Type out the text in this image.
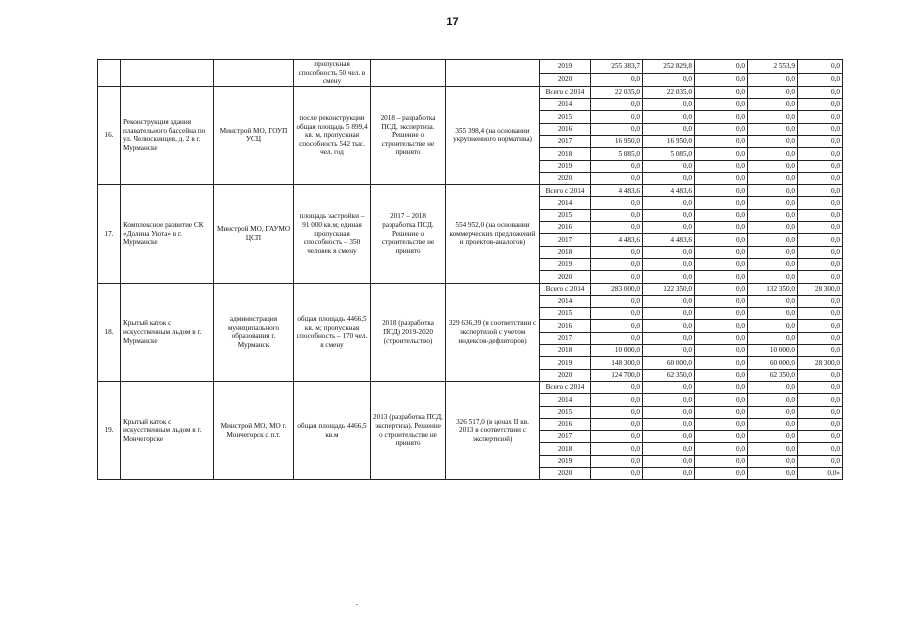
17
			пропускная способность 50 чел. в смену			2019	255 383,7	252 829,8	0,0	2 553,9	0,0
						2020	0,0	0,0	0,0	0,0	0,0
16.	Реконструкция здания плавательного бассейна по ул. Челюскинцев, д. 2 в г. Мурманске	Минстрой МО, ГОУП УСЦ	после реконструкции общая площадь 5 899,4 кв. м, пропускная способность 542 тыс. чел. год	2018 – разработка ПСД, экспертиза. Решение о строительстве не принято	355 398,4 (на основании укрупненного норматива)	Всего с 2014	22 035,0	22 035,0	0,0	0,0	0,0
						2014	0,0	0,0	0,0	0,0	0,0
						2015	0,0	0,0	0,0	0,0	0,0
						2016	0,0	0,0	0,0	0,0	0,0
						2017	16 950,0	16 950,0	0,0	0,0	0,0
						2018	5 085,0	5 085,0	0,0	0,0	0,0
						2019	0,0	0,0	0,0	0,0	0,0
						2020	0,0	0,0	0,0	0,0	0,0
17.	Комплексное развитие СК «Долина Уюта» в г. Мурманске	Минстрой МО, ГАУМО ЦСП	площадь застройки – 91 000 кв.м; единая пропускная способность – 350 человек в смену	2017 – 2018 разработка ПСД. Решение о строительстве не принято	554 952,0 (на основании коммерческих предложений и проектов-аналогов)	Всего с 2014	4 483,6	4 483,6	0,0	0,0	0,0
						2014	0,0	0,0	0,0	0,0	0,0
						2015	0,0	0,0	0,0	0,0	0,0
						2016	0,0	0,0	0,0	0,0	0,0
						2017	4 483,6	4 483,6	0,0	0,0	0,0
						2018	0,0	0,0	0,0	0,0	0,0
						2019	0,0	0,0	0,0	0,0	0,0
						2020	0,0	0,0	0,0	0,0	0,0
18.	Крытый каток с искусственным льдом в г. Мурманске	администрация муниципального образования г. Мурманск	общая площадь 4466,5 кв. м; пропускная способность – 170 чел. в смену	2018 (разработка ПСД) 2019-2020 (строительство)	329 636,39 (в соответствии с экспертизой с учетом индексов-дефляторов)	Всего с 2014	283 000,0	122 350,0	0,0	132 350,0	28 300,0
						2014	0,0	0,0	0,0	0,0	0,0
						2015	0,0	0,0	0,0	0,0	0,0
						2016	0,0	0,0	0,0	0,0	0,0
						2017	0,0	0,0	0,0	0,0	0,0
						2018	10 000,0	0,0	0,0	10 000,0	0,0
						2019	148 300,0	60 000,0	0,0	60 000,0	28 300,0
						2020	124 700,0	62 350,0	0,0	62 350,0	0,0
19.	Крытый каток с искусственным льдом в г. Мончегорске	Минстрой МО, МО г. Мончегорск с п.т.	общая площадь 4466,5 кв.м	2013 (разработка ПСД, экспертиза). Решение о строительстве не принято	326 517,0 (в ценах II кв. 2013 в соответствии с экспертизой)	Всего с 2014	0,0	0,0	0,0	0,0	0,0
						2014	0,0	0,0	0,0	0,0	0,0
						2015	0,0	0,0	0,0	0,0	0,0
						2016	0,0	0,0	0,0	0,0	0,0
						2017	0,0	0,0	0,0	0,0	0,0
						2018	0,0	0,0	0,0	0,0	0,0
						2019	0,0	0,0	0,0	0,0	0,0
						2020	0,0	0,0	0,0	0,0	0,0»
